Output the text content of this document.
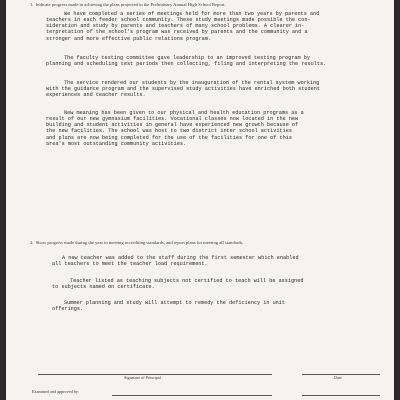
1. Indicate progress made in achieving the plans projected in the Preliminary Annual High School Report.
We have completed a series of meetings held for more than two years by parents and
teachers in each feeder school community. These study meetings made possible the con-
sideration and study by parents and teachers of many school problems. A clearer in-
terpretation of the school's program was received by parents and the community and a
stronger and more effective public relations program.
The faculty testing committee gave leadership to an improved testing program by
planning and scheduling test periods then collecting, filing and interpreting the results.
The service rendered our students by the inauguration of the rental system working
with the guidance program and the supervised study activities have enriched both student
experiences and teacher results.
New meaning has been given to our physical and health education programs as a
result of our new gymnasium facilities. Vocational classes now located in the new
building and student activities in general have experienced new growth because of
the new facilities. The school was host to two district inter school activities
and plans are now being completed for the use of the facilities for one of this
area's most outstanding community activities.
2. Show progress made during the year in meeting accrediting standards, and report plans for meeting all standards.
A new teacher was added to the staff during the first semester which enabled
all teachers to meet the teacher load requirement.
Teacher listed as teaching subjects not certified to teach will be assigned
to subjects named on certificate.
Summer planning and study will attempt to remedy the deficiency in unit
offerings.
Signature of Principal	Date
Examined and approved by:
